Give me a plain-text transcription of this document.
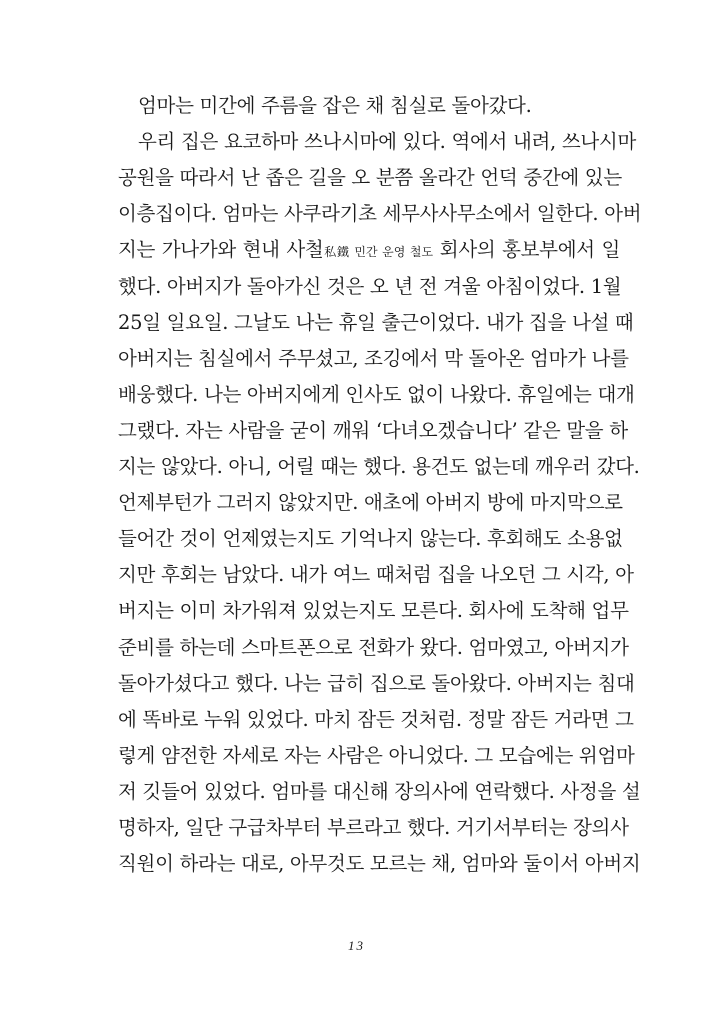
엄마는 미간에 주름을 잡은 채 침실로 돌아갔다.
우리 집은 요코하마 쓰나시마에 있다. 역에서 내려, 쓰나시마
공원을 따라서 난 좁은 길을 오 분쯤 올라간 언덕 중간에 있는
이층집이다. 엄마는 사쿠라기초 세무사사무소에서 일한다. 아버
지는 가나가와 현내 사철私鐵 민간 운영 철도 회사의 홍보부에서 일
했다. 아버지가 돌아가신 것은 오 년 전 겨울 아침이었다. 1월
25일 일요일. 그날도 나는 휴일 출근이었다. 내가 집을 나설 때
아버지는 침실에서 주무셨고, 조깅에서 막 돌아온 엄마가 나를
배웅했다. 나는 아버지에게 인사도 없이 나왔다. 휴일에는 대개
그랬다. 자는 사람을 굳이 깨워 ‘다녀오겠습니다’ 같은 말을 하
지는 않았다. 아니, 어릴 때는 했다. 용건도 없는데 깨우러 갔다.
언제부턴가 그러지 않았지만. 애초에 아버지 방에 마지막으로
들어간 것이 언제였는지도 기억나지 않는다. 후회해도 소용없
지만 후회는 남았다. 내가 여느 때처럼 집을 나오던 그 시각, 아
버지는 이미 차가워져 있었는지도 모른다. 회사에 도착해 업무
준비를 하는데 스마트폰으로 전화가 왔다. 엄마였고, 아버지가
돌아가셨다고 했다. 나는 급히 집으로 돌아왔다. 아버지는 침대
에 똑바로 누워 있었다. 마치 잠든 것처럼. 정말 잠든 거라면 그
렇게 얌전한 자세로 자는 사람은 아니었다. 그 모습에는 위엄마
저 깃들어 있었다. 엄마를 대신해 장의사에 연락했다. 사정을 설
명하자, 일단 구급차부터 부르라고 했다. 거기서부터는 장의사
직원이 하라는 대로, 아무것도 모르는 채, 엄마와 둘이서 아버지
13
